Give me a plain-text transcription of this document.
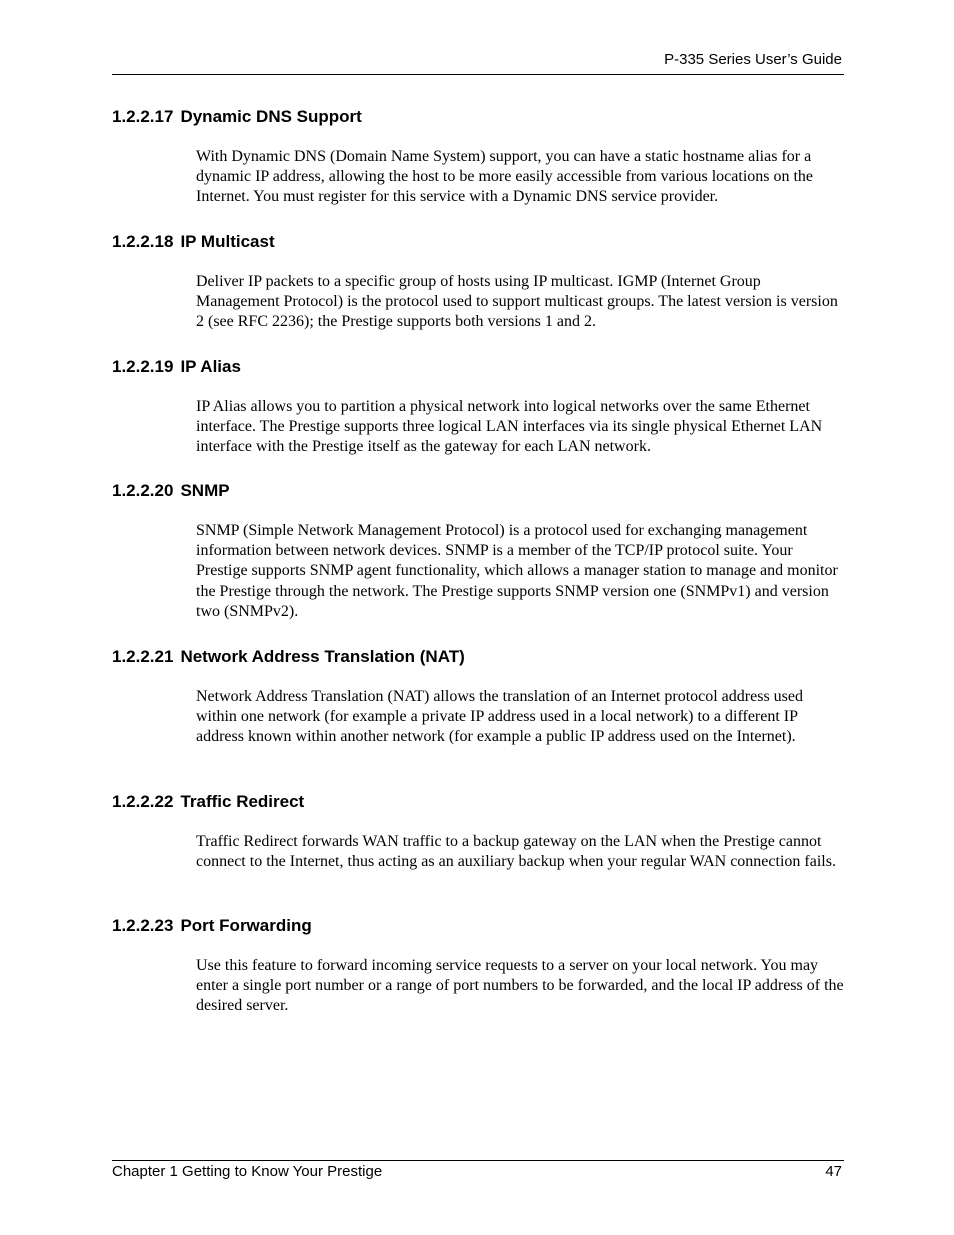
P-335 Series User’s Guide
1.2.2.17 Dynamic DNS Support

With Dynamic DNS (Domain Name System) support, you can have a static hostname alias for a dynamic IP address, allowing the host to be more easily accessible from various locations on the Internet. You must register for this service with a Dynamic DNS service provider.

1.2.2.18 IP Multicast

Deliver IP packets to a specific group of hosts using IP multicast. IGMP (Internet Group Management Protocol) is the protocol used to support multicast groups. The latest version is version 2 (see RFC 2236); the Prestige supports both versions 1 and 2.

1.2.2.19 IP Alias

IP Alias allows you to partition a physical network into logical networks over the same Ethernet interface. The Prestige supports three logical LAN interfaces via its single physical Ethernet LAN interface with the Prestige itself as the gateway for each LAN network.

1.2.2.20 SNMP

SNMP (Simple Network Management Protocol) is a protocol used for exchanging management information between network devices. SNMP is a member of the TCP/IP protocol suite. Your Prestige supports SNMP agent functionality, which allows a manager station to manage and monitor the Prestige through the network. The Prestige supports SNMP version one (SNMPv1) and version two (SNMPv2).

1.2.2.21 Network Address Translation (NAT)

Network Address Translation (NAT) allows the translation of an Internet protocol address used within one network (for example a private IP address used in a local network) to a different IP address known within another network (for example a public IP address used on the Internet).

1.2.2.22 Traffic Redirect

Traffic Redirect forwards WAN traffic to a backup gateway on the LAN when the Prestige cannot connect to the Internet, thus acting as an auxiliary backup when your regular WAN connection fails.

1.2.2.23 Port Forwarding

Use this feature to forward incoming service requests to a server on your local network. You may enter a single port number or a range of port numbers to be forwarded, and the local IP address of the desired server.

Chapter 1 Getting to Know Your Prestige	47
